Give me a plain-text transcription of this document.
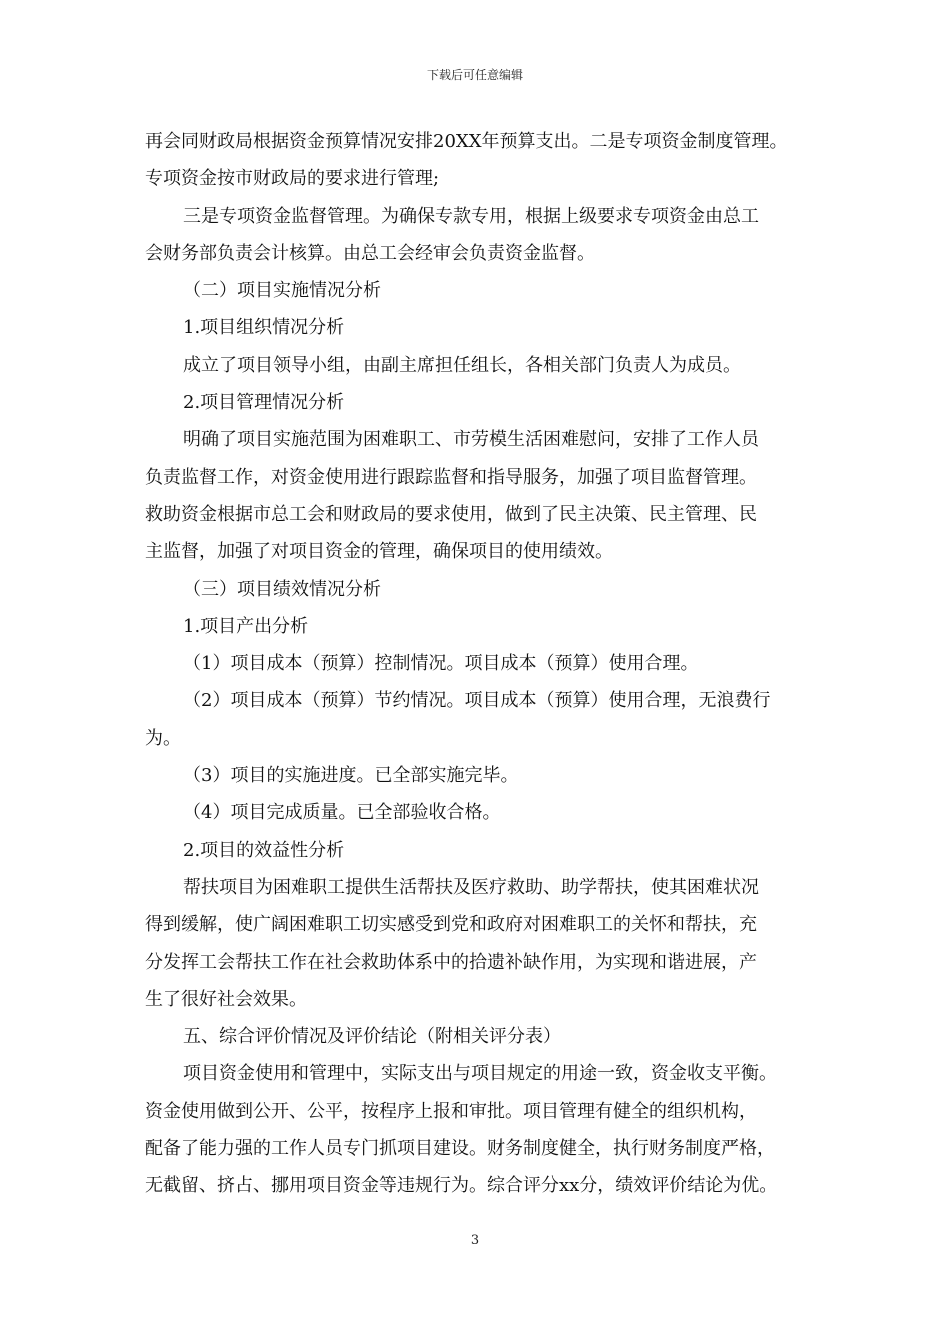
下载后可任意编辑
再会同财政局根据资金预算情况安排20XX年预算支出。二是专项资金制度管理。
专项资金按市财政局的要求进行管理;
三是专项资金监督管理。为确保专款专用，根据上级要求专项资金由总工
会财务部负责会计核算。由总工会经审会负责资金监督。
（二）项目实施情况分析
1.项目组织情况分析
成立了项目领导小组，由副主席担任组长，各相关部门负责人为成员。
2.项目管理情况分析
明确了项目实施范围为困难职工、市劳模生活困难慰问，安排了工作人员
负责监督工作，对资金使用进行跟踪监督和指导服务，加强了项目监督管理。
救助资金根据市总工会和财政局的要求使用，做到了民主决策、民主管理、民
主监督，加强了对项目资金的管理，确保项目的使用绩效。
（三）项目绩效情况分析
1.项目产出分析
（1）项目成本（预算）控制情况。项目成本（预算）使用合理。
（2）项目成本（预算）节约情况。项目成本（预算）使用合理，无浪费行
为。
（3）项目的实施进度。已全部实施完毕。
（4）项目完成质量。已全部验收合格。
2.项目的效益性分析
帮扶项目为困难职工提供生活帮扶及医疗救助、助学帮扶，使其困难状况
得到缓解，使广阔困难职工切实感受到党和政府对困难职工的关怀和帮扶，充
分发挥工会帮扶工作在社会救助体系中的拾遗补缺作用，为实现和谐进展，产
生了很好社会效果。
五、综合评价情况及评价结论（附相关评分表）
项目资金使用和管理中，实际支出与项目规定的用途一致，资金收支平衡。
资金使用做到公开、公平，按程序上报和审批。项目管理有健全的组织机构，
配备了能力强的工作人员专门抓项目建设。财务制度健全，执行财务制度严格，
无截留、挤占、挪用项目资金等违规行为。综合评分xx分，绩效评价结论为优。
3
